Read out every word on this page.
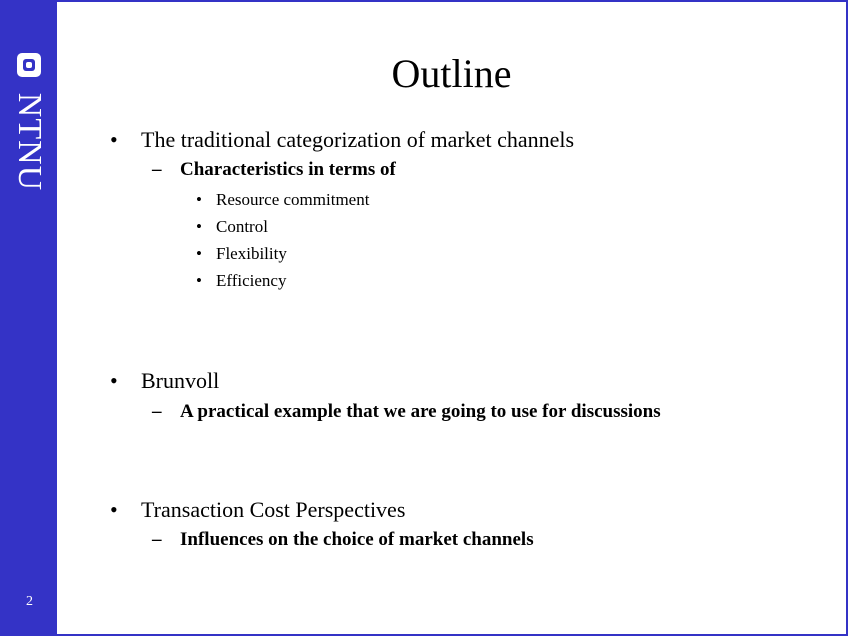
NTNU
2
Outline
• The traditional categorization of market channels
– Characteristics in terms of
• Resource commitment
• Control
• Flexibility
• Efficiency
• Brunvoll
– A practical example that we are going to use for discussions
• Transaction Cost Perspectives
– Influences on the choice of market channels
